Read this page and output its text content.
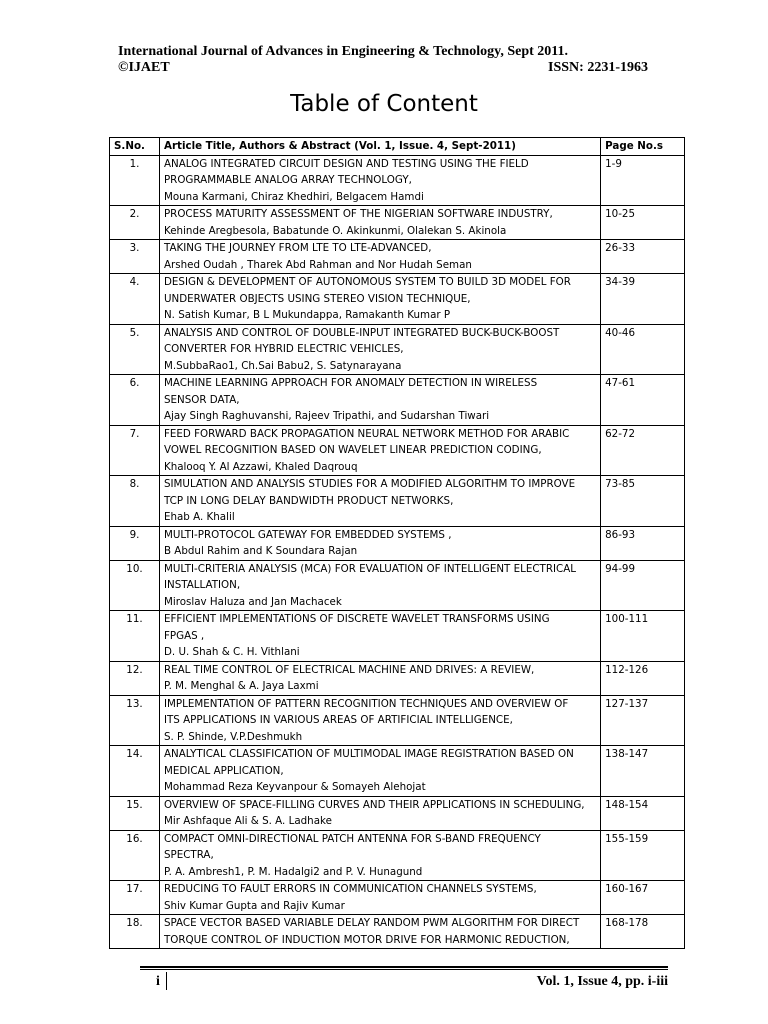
International Journal of Advances in Engineering & Technology, Sept 2011.
©IJAET	ISSN: 2231-1963
Table of Content
S.No.	Article Title, Authors & Abstract (Vol. 1, Issue. 4, Sept-2011)	Page No.s
1.	ANALOG INTEGRATED CIRCUIT DESIGN AND TESTING USING THE FIELD
PROGRAMMABLE ANALOG ARRAY TECHNOLOGY,
Mouna Karmani, Chiraz Khedhiri, Belgacem Hamdi	1-9
2.	PROCESS MATURITY ASSESSMENT OF THE NIGERIAN SOFTWARE INDUSTRY,
Kehinde Aregbesola, Babatunde O. Akinkunmi, Olalekan S. Akinola	10-25
3.	TAKING THE JOURNEY FROM LTE TO LTE-ADVANCED,
Arshed Oudah , Tharek Abd Rahman and Nor Hudah Seman	26-33
4.	DESIGN & DEVELOPMENT OF AUTONOMOUS SYSTEM TO BUILD 3D MODEL FOR
UNDERWATER OBJECTS USING STEREO VISION TECHNIQUE,
N. Satish Kumar, B L Mukundappa, Ramakanth Kumar P	34-39
5.	ANALYSIS AND CONTROL OF DOUBLE-INPUT INTEGRATED BUCK-BUCK-BOOST
CONVERTER FOR HYBRID ELECTRIC VEHICLES,
M.SubbaRao1, Ch.Sai Babu2, S. Satynarayana	40-46
6.	MACHINE LEARNING APPROACH FOR ANOMALY DETECTION IN WIRELESS
SENSOR DATA,
Ajay Singh Raghuvanshi, Rajeev Tripathi, and Sudarshan Tiwari	47-61
7.	FEED FORWARD BACK PROPAGATION NEURAL NETWORK METHOD FOR ARABIC
VOWEL RECOGNITION BASED ON WAVELET LINEAR PREDICTION CODING,
Khalooq Y. Al Azzawi, Khaled Daqrouq	62-72
8.	SIMULATION AND ANALYSIS STUDIES FOR A MODIFIED ALGORITHM TO IMPROVE
TCP IN LONG DELAY BANDWIDTH PRODUCT NETWORKS,
Ehab A. Khalil	73-85
9.	MULTI-PROTOCOL GATEWAY FOR EMBEDDED SYSTEMS ,
B Abdul Rahim and K Soundara Rajan	86-93
10.	MULTI-CRITERIA ANALYSIS (MCA) FOR EVALUATION OF INTELLIGENT ELECTRICAL
INSTALLATION,
Miroslav Haluza and Jan Machacek	94-99
11.	EFFICIENT IMPLEMENTATIONS OF DISCRETE WAVELET TRANSFORMS USING
FPGAS ,
D. U. Shah & C. H. Vithlani	100-111
12.	REAL TIME CONTROL OF ELECTRICAL MACHINE AND DRIVES: A REVIEW,
P. M. Menghal & A. Jaya Laxmi	112-126
13.	IMPLEMENTATION OF PATTERN RECOGNITION TECHNIQUES AND OVERVIEW OF
ITS APPLICATIONS IN VARIOUS AREAS OF ARTIFICIAL INTELLIGENCE,
S. P. Shinde, V.P.Deshmukh	127-137
14.	ANALYTICAL CLASSIFICATION OF MULTIMODAL IMAGE REGISTRATION BASED ON
MEDICAL APPLICATION,
Mohammad Reza Keyvanpour & Somayeh Alehojat	138-147
15.	OVERVIEW OF SPACE-FILLING CURVES AND THEIR APPLICATIONS IN SCHEDULING,
Mir Ashfaque Ali & S. A. Ladhake	148-154
16.	COMPACT OMNI-DIRECTIONAL PATCH ANTENNA FOR S-BAND FREQUENCY
SPECTRA,
P. A. Ambresh1, P. M. Hadalgi2 and P. V. Hunagund	155-159
17.	REDUCING TO FAULT ERRORS IN COMMUNICATION CHANNELS SYSTEMS,
Shiv Kumar Gupta and Rajiv Kumar	160-167
18.	SPACE VECTOR BASED VARIABLE DELAY RANDOM PWM ALGORITHM FOR DIRECT
TORQUE CONTROL OF INDUCTION MOTOR DRIVE FOR HARMONIC REDUCTION,	168-178
i	Vol. 1, Issue 4, pp. i-iii
